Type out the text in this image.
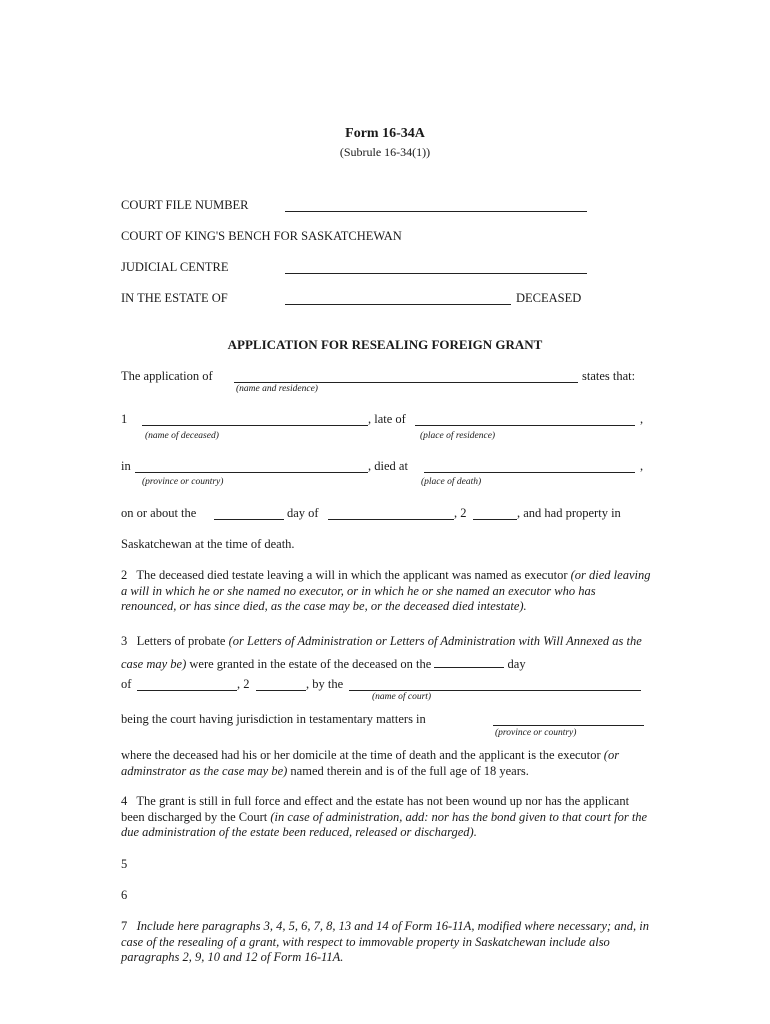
Form 16-34A
(Subrule 16-34(1))
COURT FILE NUMBER
COURT OF KING'S BENCH FOR SASKATCHEWAN
JUDICIAL CENTRE
IN THE ESTATE OF	DECEASED
APPLICATION FOR RESEALING FOREIGN GRANT
The application of	states that:
(name and residence)
1	, late of	,
(name of deceased)	(place of residence)
in	, died at	,
(province or country)	(place of death)
on or about the	day of	, 2	, and had property in
Saskatchewan at the time of death.
2 The deceased died testate leaving a will in which the applicant was named as executor (or died leaving a will in which he or she named no executor, or in which he or she named an executor who has renounced, or has since died, as the case may be, or the deceased died intestate).
3 Letters of probate (or Letters of Administration or Letters of Administration with Will Annexed as the case may be) were granted in the estate of the deceased on the	day
of	, 2	, by the
(name of court)
being the court having jurisdiction in testamentary matters in
(province or country)
where the deceased had his or her domicile at the time of death and the applicant is the executor (or adminstrator as the case may be) named therein and is of the full age of 18 years.
4 The grant is still in full force and effect and the estate has not been wound up nor has the applicant been discharged by the Court (in case of administration, add: nor has the bond given to that court for the due administration of the estate been reduced, released or discharged).
5
6
7 Include here paragraphs 3, 4, 5, 6, 7, 8, 13 and 14 of Form 16-11A, modified where necessary; and, in case of the resealing of a grant, with respect to immovable property in Saskatchewan include also paragraphs 2, 9, 10 and 12 of Form 16-11A.
